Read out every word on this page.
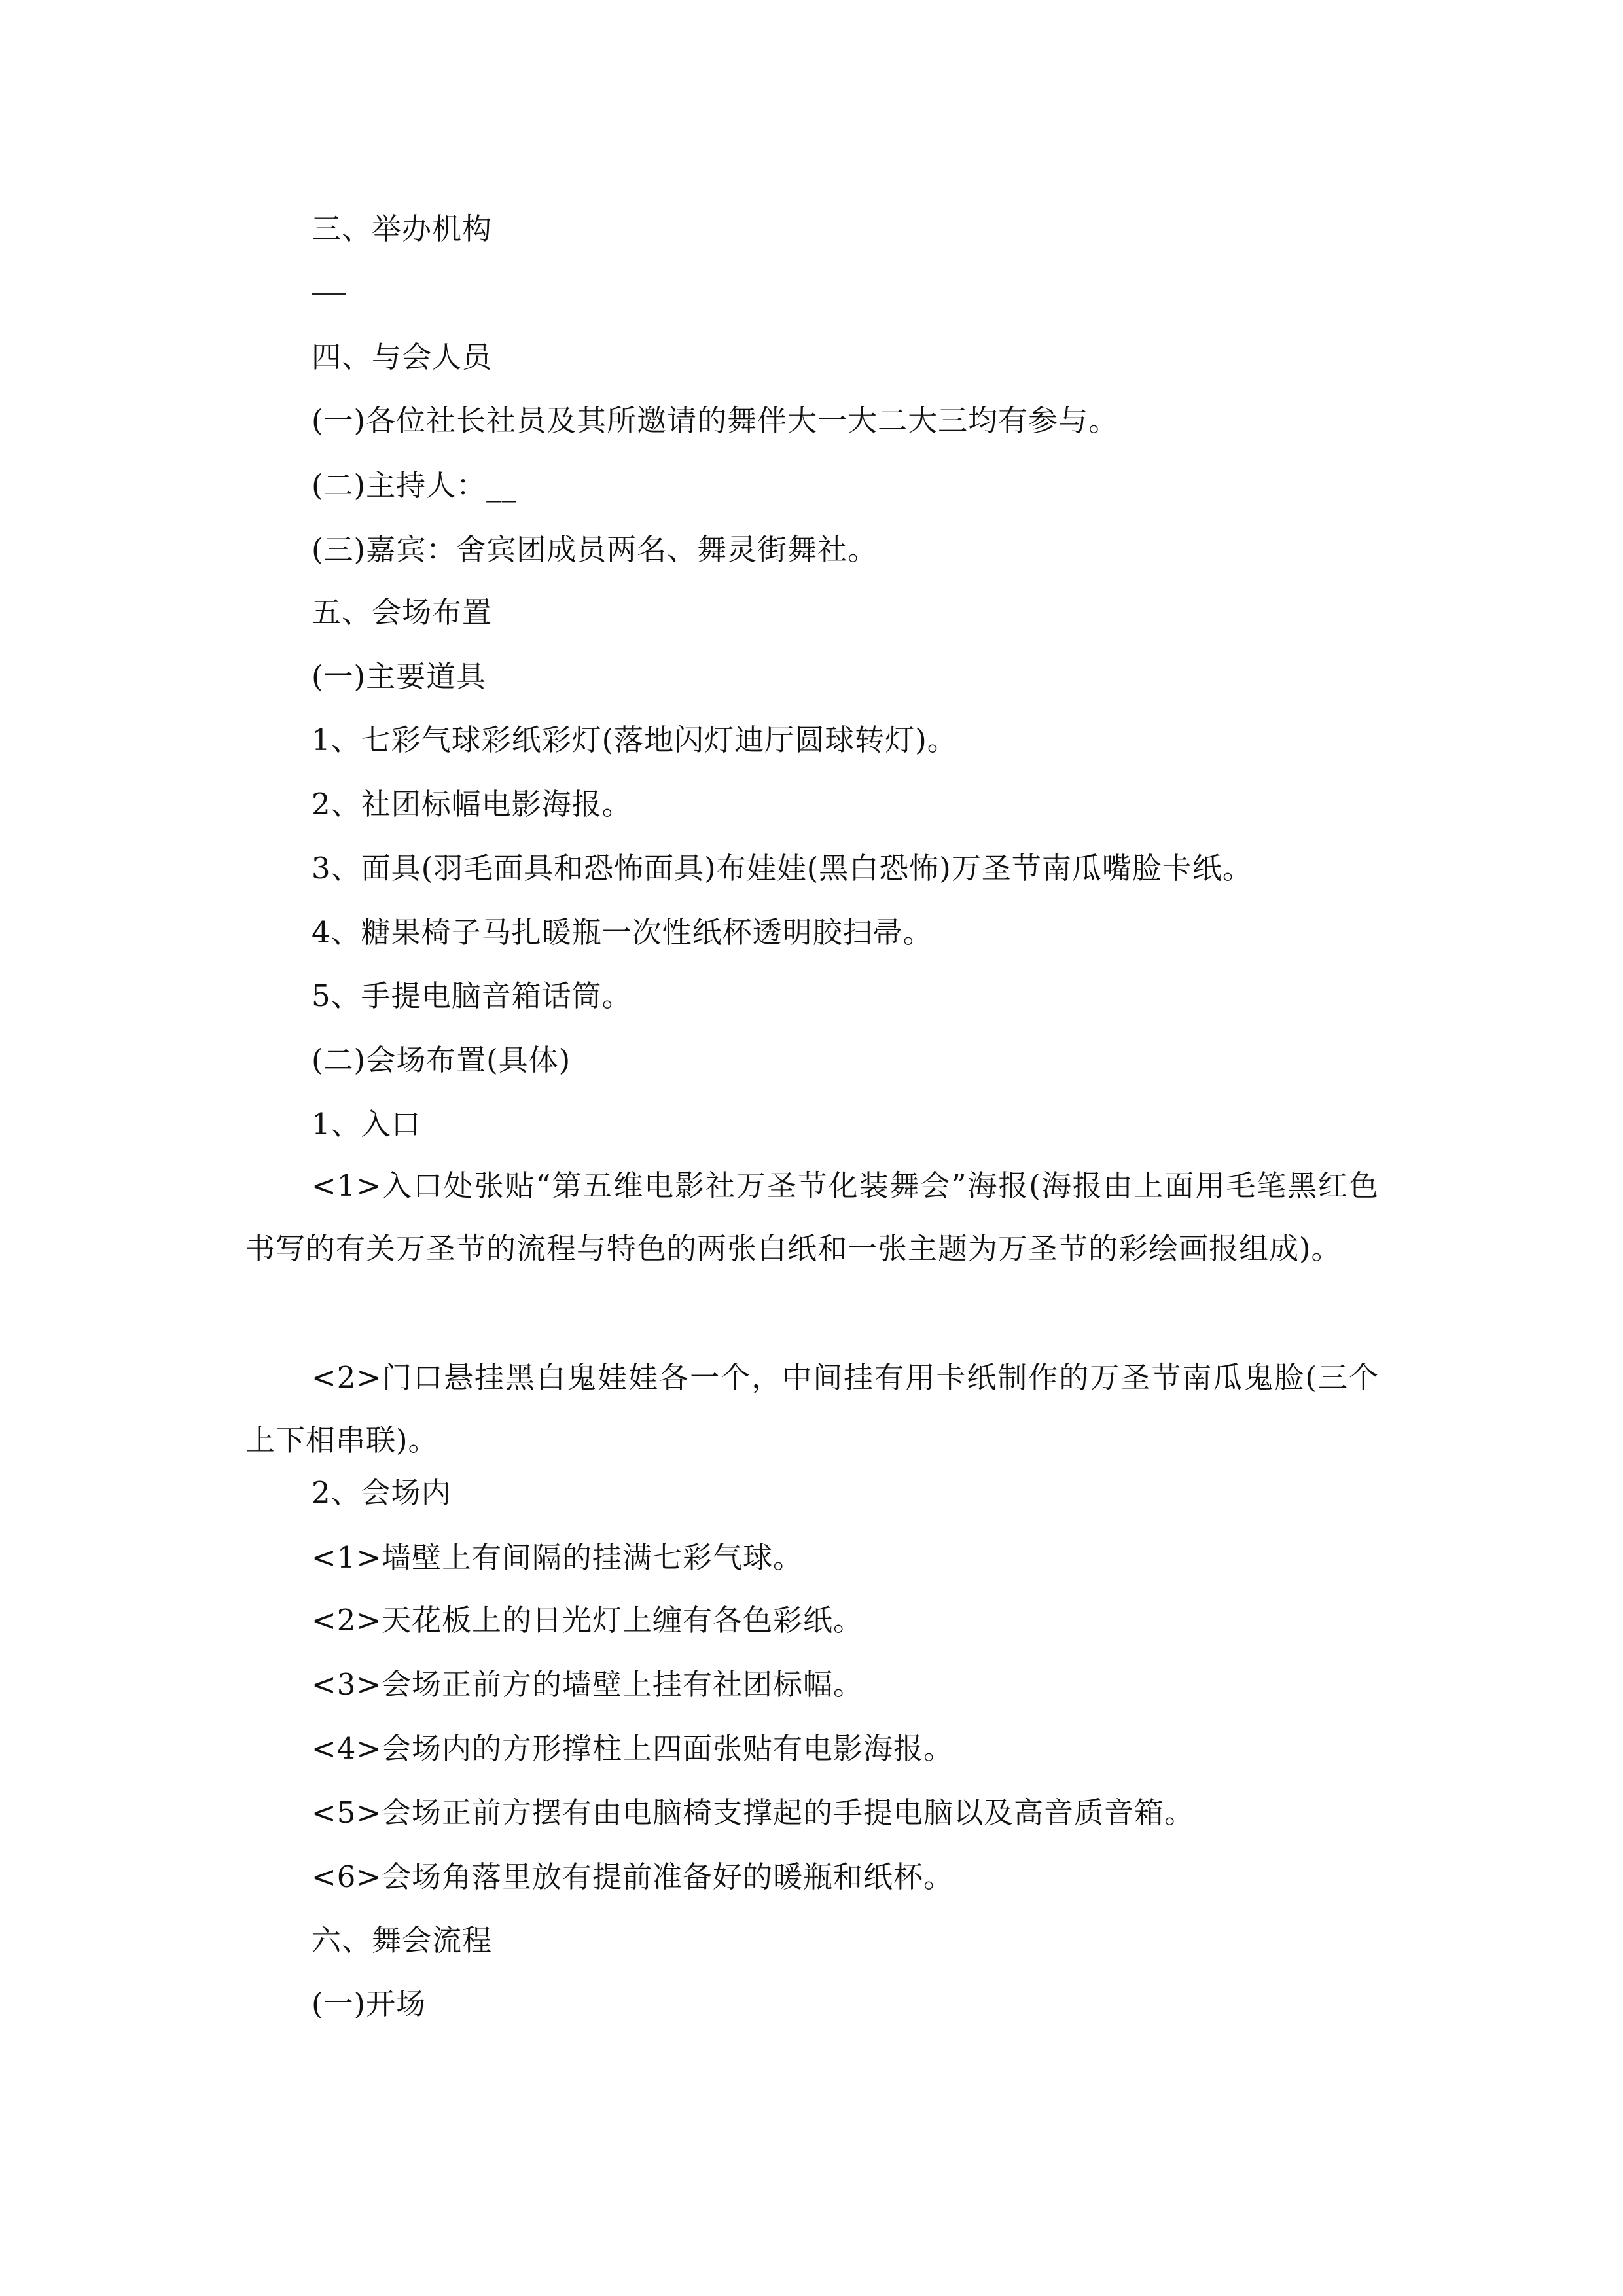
三、举办机构
四、与会人员
(一)各位社长社员及其所邀请的舞伴大一大二大三均有参与。
(二)主持人：__
(三)嘉宾：舍宾团成员两名、舞灵街舞社。
五、会场布置
(一)主要道具
1、七彩气球彩纸彩灯(落地闪灯迪厅圆球转灯)。
2、社团标幅电影海报。
3、面具(羽毛面具和恐怖面具)布娃娃(黑白恐怖)万圣节南瓜嘴脸卡纸。
4、糖果椅子马扎暖瓶一次性纸杯透明胶扫帚。
5、手提电脑音箱话筒。
(二)会场布置(具体)
1、入口
<1>入口处张贴“第五维电影社万圣节化装舞会”海报(海报由上面用毛笔黑红色书写的有关万圣节的流程与特色的两张白纸和一张主题为万圣节的彩绘画报组成)。
<2>门口悬挂黑白鬼娃娃各一个，中间挂有用卡纸制作的万圣节南瓜鬼脸(三个上下相串联)。
2、会场内
<1>墙壁上有间隔的挂满七彩气球。
<2>天花板上的日光灯上缠有各色彩纸。
<3>会场正前方的墙壁上挂有社团标幅。
<4>会场内的方形撑柱上四面张贴有电影海报。
<5>会场正前方摆有由电脑椅支撑起的手提电脑以及高音质音箱。
<6>会场角落里放有提前准备好的暖瓶和纸杯。
六、舞会流程
(一)开场
